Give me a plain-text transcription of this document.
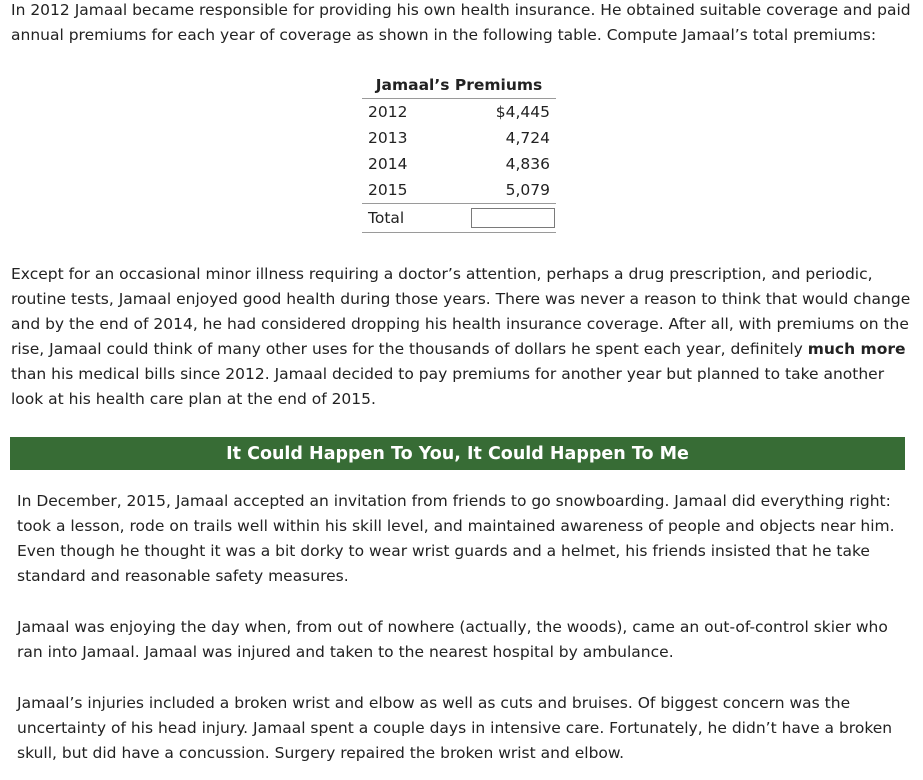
In 2012 Jamaal became responsible for providing his own health insurance. He obtained suitable coverage and paid annual premiums for each year of coverage as shown in the following table. Compute Jamaal’s total premiums:

Jamaal’s Premiums
2012	$4,445
2013	4,724
2014	4,836
2015	5,079
Total

Except for an occasional minor illness requiring a doctor’s attention, perhaps a drug prescription, and periodic, routine tests, Jamaal enjoyed good health during those years. There was never a reason to think that would change and by the end of 2014, he had considered dropping his health insurance coverage. After all, with premiums on the rise, Jamaal could think of many other uses for the thousands of dollars he spent each year, definitely much more than his medical bills since 2012. Jamaal decided to pay premiums for another year but planned to take another look at his health care plan at the end of 2015.

It Could Happen To You, It Could Happen To Me

In December, 2015, Jamaal accepted an invitation from friends to go snowboarding. Jamaal did everything right: took a lesson, rode on trails well within his skill level, and maintained awareness of people and objects near him. Even though he thought it was a bit dorky to wear wrist guards and a helmet, his friends insisted that he take standard and reasonable safety measures.

Jamaal was enjoying the day when, from out of nowhere (actually, the woods), came an out-of-control skier who ran into Jamaal. Jamaal was injured and taken to the nearest hospital by ambulance.

Jamaal’s injuries included a broken wrist and elbow as well as cuts and bruises. Of biggest concern was the uncertainty of his head injury. Jamaal spent a couple days in intensive care. Fortunately, he didn’t have a broken skull, but did have a concussion. Surgery repaired the broken wrist and elbow.
